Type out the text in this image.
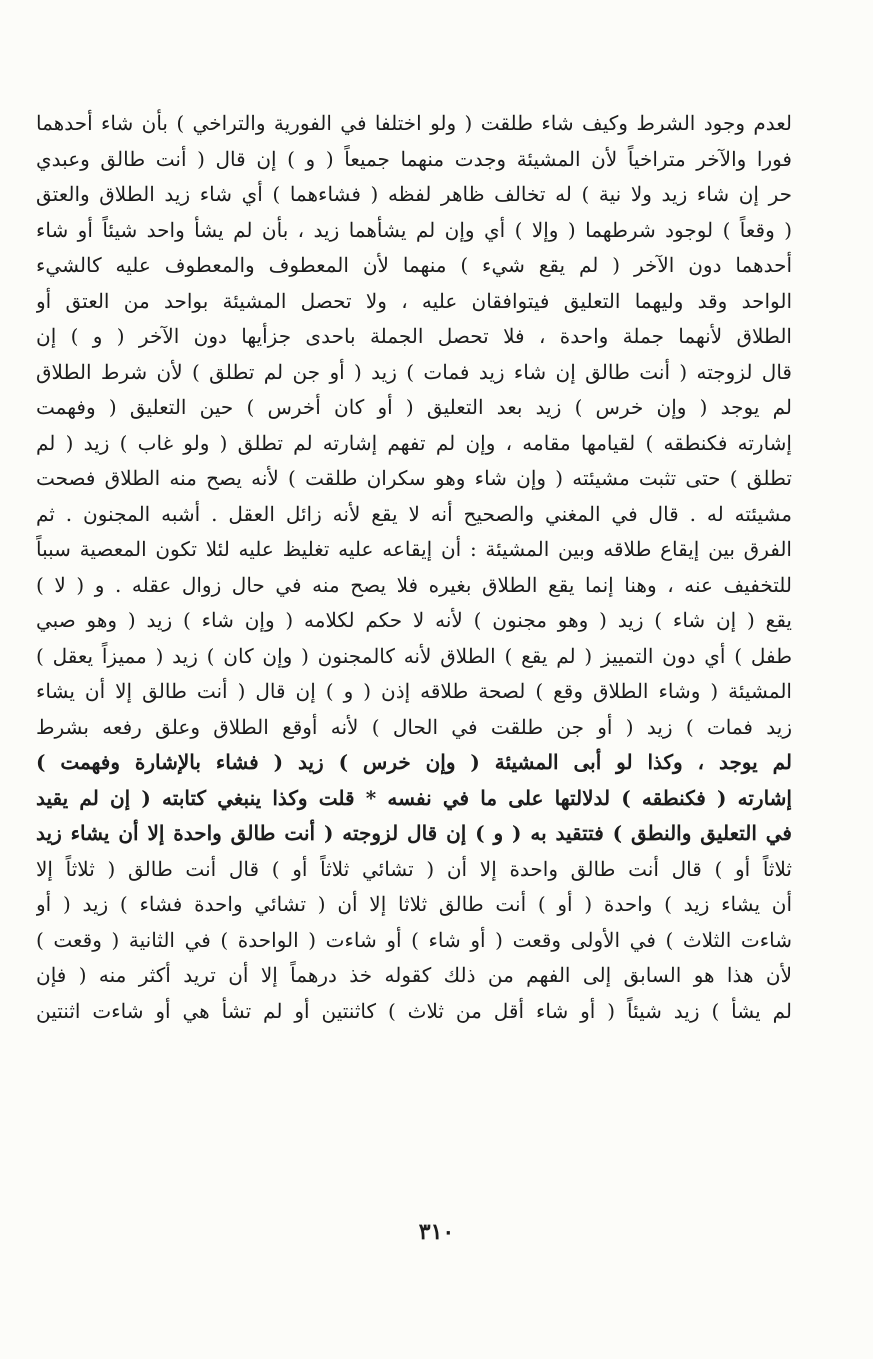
لعدم وجود الشرط وكيف شاء طلقت ( ولو اختلفا في الفورية والتراخي ) بأن شاء أحدهما
فورا والآخر متراخياً لأن المشيئة وجدت منهما جميعاً ( و ) إن قال ( أنت طالق وعبدي
حر إن شاء زيد ولا نية ) له تخالف ظاهر لفظه ( فشاءهما ) أي شاء زيد الطلاق والعتق
( وقعاً ) لوجود شرطهما ( وإلا ) أي وإن لم يشأهما زيد ، بأن لم يشأ واحد شيئاً أو شاء
أحدهما دون الآخر ( لم يقع شيء ) منهما لأن المعطوف والمعطوف عليه كالشيء
الواحد وقد وليهما التعليق فيتوافقان عليه ، ولا تحصل المشيئة بواحد من العتق أو
الطلاق لأنهما جملة واحدة ، فلا تحصل الجملة باحدى جزأيها دون الآخر ( و ) إن
قال لزوجته ( أنت طالق إن شاء زيد فمات ) زيد ( أو جن لم تطلق ) لأن شرط الطلاق
لم يوجد ( وإن خرس ) زيد بعد التعليق ( أو كان أخرس ) حين التعليق ( وفهمت
إشارته فكنطقه ) لقيامها مقامه ، وإن لم تفهم إشارته لم تطلق ( ولو غاب ) زيد ( لم
تطلق ) حتى تثبت مشيئته ( وإن شاء وهو سكران طلقت ) لأنه يصح منه الطلاق فصحت
مشيئته له . قال في المغني والصحيح أنه لا يقع لأنه زائل العقل . أشبه المجنون . ثم
الفرق بين إيقاع طلاقه وبين المشيئة : أن إيقاعه عليه تغليظ عليه لئلا تكون المعصية سبباً
للتخفيف عنه ، وهنا إنما يقع الطلاق بغيره فلا يصح منه في حال زوال عقله . و ( لا )
يقع ( إن شاء ) زيد ( وهو مجنون ) لأنه لا حكم لكلامه ( وإن شاء ) زيد ( وهو صبي
طفل ) أي دون التمييز ( لم يقع ) الطلاق لأنه كالمجنون ( وإن كان ) زيد ( مميزاً يعقل )
المشيئة ( وشاء الطلاق وقع ) لصحة طلاقه إذن ( و ) إن قال ( أنت طالق إلا أن يشاء
زيد فمات ) زيد ( أو جن طلقت في الحال ) لأنه أوقع الطلاق وعلق رفعه بشرط
لم يوجد ، وكذا لو أبى المشيئة ( وإن خرس ) زيد ( فشاء بالإشارة وفهمت )
إشارته ( فكنطقه ) لدلالتها على ما في نفسه * قلت وكذا ينبغي كتابته ( إن لم يقيد
في التعليق والنطق ) فتتقيد به ( و ) إن قال لزوجته ( أنت طالق واحدة إلا أن يشاء زيد
ثلاثاً أو ) قال أنت طالق واحدة إلا أن ( تشائي ثلاثاً أو ) قال أنت طالق ( ثلاثاً إلا
أن يشاء زيد ) واحدة ( أو ) أنت طالق ثلاثا إلا أن ( تشائي واحدة فشاء ) زيد ( أو
شاءت الثلاث ) في الأولى وقعت ( أو شاء ) أو شاءت ( الواحدة ) في الثانية ( وقعت )
لأن هذا هو السابق إلى الفهم من ذلك كقوله خذ درهماً إلا أن تريد أكثر منه ( فإن
لم يشأ ) زيد شيئاً ( أو شاء أقل من ثلاث ) كاثنتين أو لم تشأ هي أو شاءت اثنتين
٣١٠
